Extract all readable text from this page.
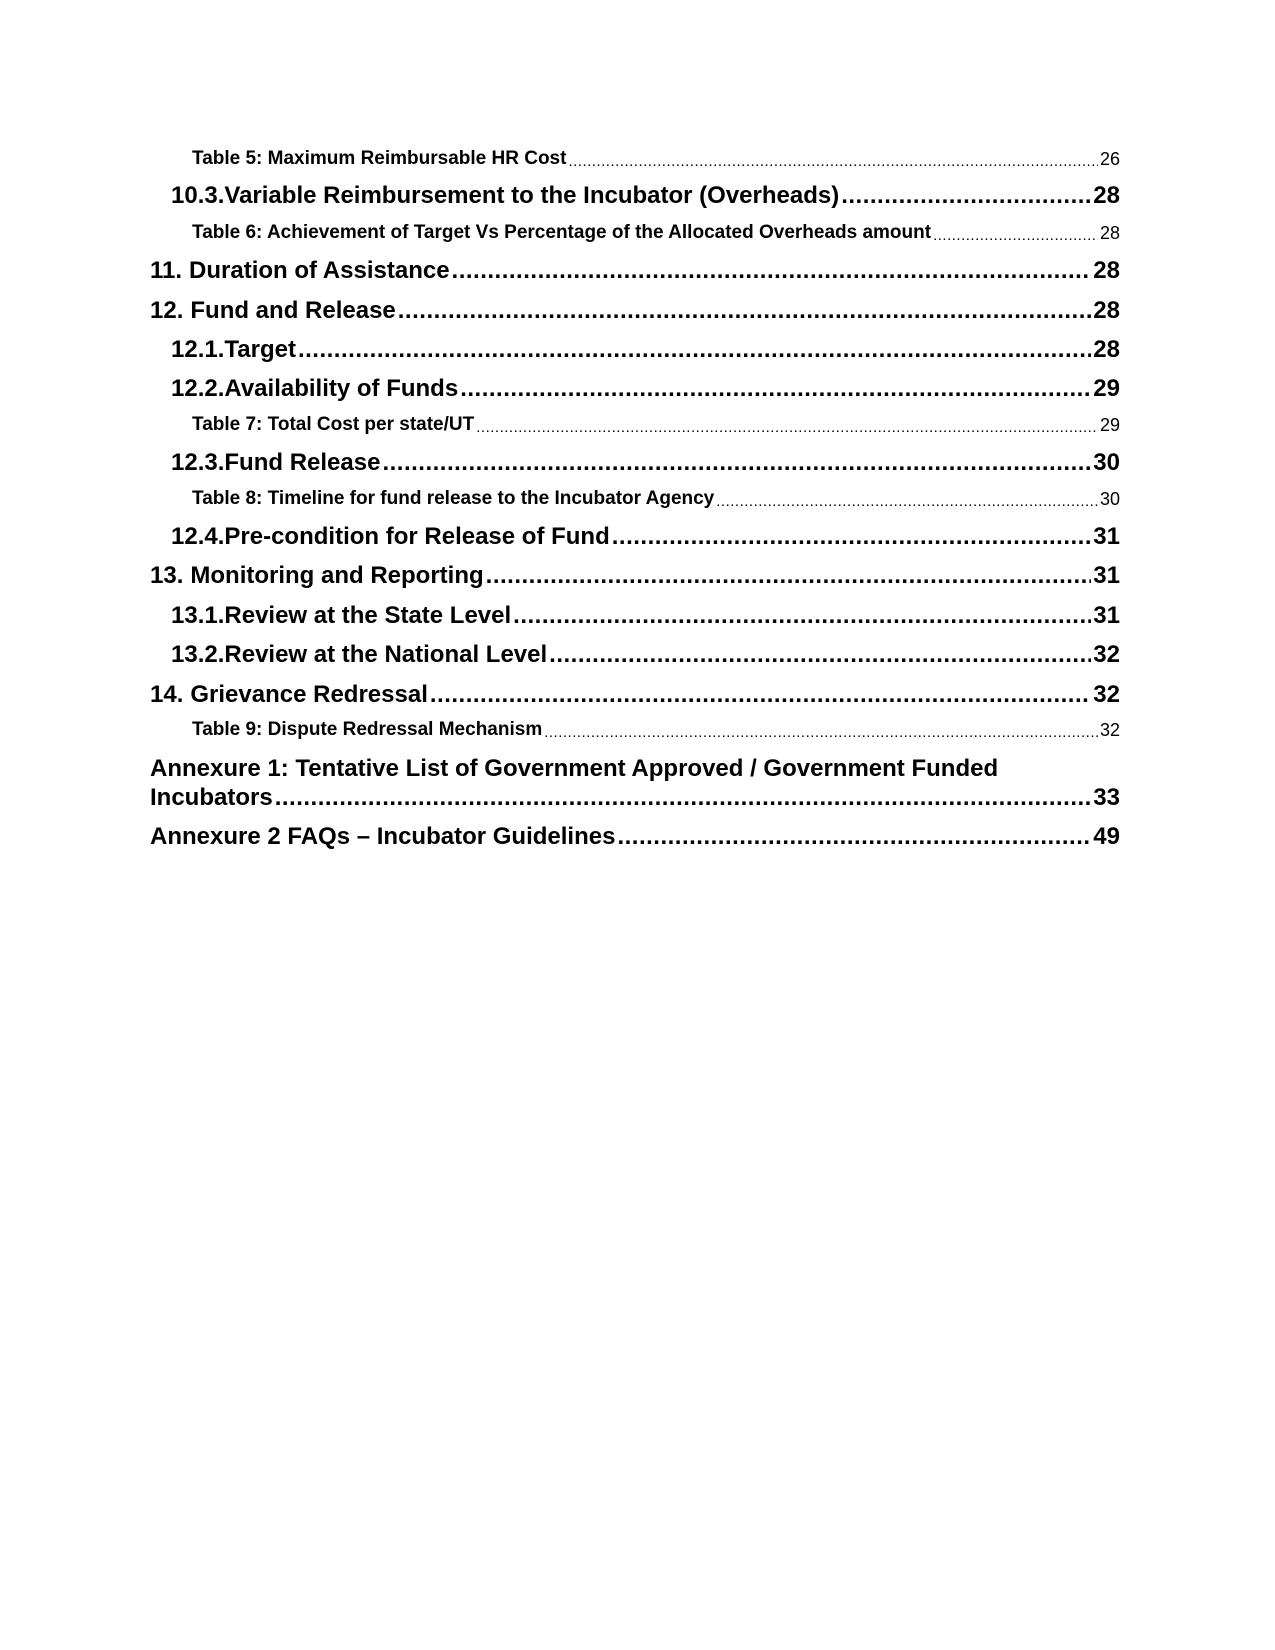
Table 5: Maximum Reimbursable HR Cost .....	26
10.3. Variable Reimbursement to the Incubator (Overheads) .....	28
Table 6: Achievement of Target Vs Percentage of the Allocated Overheads amount .....	28
11. Duration of Assistance .....	28
12. Fund and Release .....	28
12.1. Target .....	28
12.2. Availability of Funds .....	29
Table 7: Total Cost per state/UT .....	29
12.3. Fund Release .....	30
Table 8: Timeline for fund release to the Incubator Agency .....	30
12.4. Pre-condition for Release of Fund .....	31
13. Monitoring and Reporting .....	31
13.1. Review at the State Level .....	31
13.2. Review at the National Level .....	32
14. Grievance Redressal .....	32
Table 9: Dispute Redressal Mechanism .....	32
Annexure 1: Tentative List of Government Approved / Government Funded
Incubators .....	33
Annexure 2 FAQs – Incubator Guidelines .....	49
